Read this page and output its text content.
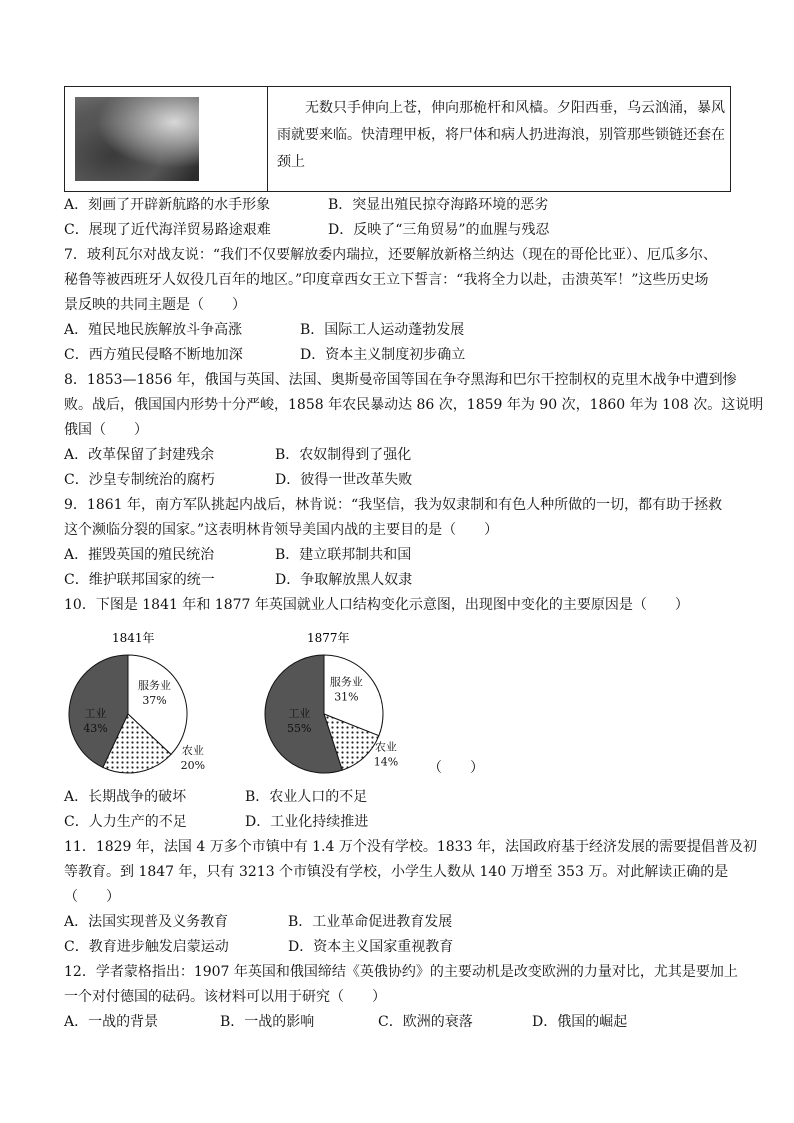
　　无数只手伸向上苍，伸向那桅杆和风樯。夕阳西垂，乌云汹涌，暴风
雨就要来临。快清理甲板，将尸体和病人扔进海浪，别管那些锁链还套在
颈上
A．刻画了开辟新航路的水手形象	B．突显出殖民掠夺海路环境的恶劣
C．展现了近代海洋贸易路途艰难	D．反映了“三角贸易”的血腥与残忍
7．玻利瓦尔对战友说：“我们不仅要解放委内瑞拉，还要解放新格兰纳达（现在的哥伦比亚）、厄瓜多尔、
秘鲁等被西班牙人奴役几百年的地区。”印度章西女王立下誓言：“我将全力以赴，击溃英军！”这些历史场
景反映的共同主题是（　　）
A．殖民地民族解放斗争高涨	B．国际工人运动蓬勃发展
C．西方殖民侵略不断地加深	D．资本主义制度初步确立
8．1853—1856 年，俄国与英国、法国、奥斯曼帝国等国在争夺黑海和巴尔干控制权的克里木战争中遭到惨
败。战后，俄国国内形势十分严峻，1858 年农民暴动达 86 次，1859 年为 90 次，1860 年为 108 次。这说明
俄国（　　）
A．改革保留了封建残余	B．农奴制得到了强化
C．沙皇专制统治的腐朽	D．彼得一世改革失败
9．1861 年，南方军队挑起内战后，林肯说：“我坚信，我为奴隶制和有色人种所做的一切，都有助于拯救
这个濒临分裂的国家。”这表明林肯领导美国内战的主要目的是（　　）
A．摧毁英国的殖民统治	B．建立联邦制共和国
C．维护联邦国家的统一	D．争取解放黑人奴隶
10．下图是 1841 年和 1877 年英国就业人口结构变化示意图，出现图中变化的主要原因是（　　）
1841年	1877年
服务业
37%
农业
20%
工业
43%
服务业
31%
农业
14%
工业
55%
（　　）
A．长期战争的破坏	B．农业人口的不足
C．人力生产的不足	D．工业化持续推进
11．1829 年，法国 4 万多个市镇中有 1.4 万个没有学校。1833 年，法国政府基于经济发展的需要提倡普及初
等教育。到 1847 年，只有 3213 个市镇没有学校，小学生人数从 140 万增至 353 万。对此解读正确的是
（　　）
A．法国实现普及义务教育	B．工业革命促进教育发展
C．教育进步触发启蒙运动	D．资本主义国家重视教育
12．学者蒙格指出：1907 年英国和俄国缔结《英俄协约》的主要动机是改变欧洲的力量对比，尤其是要加上
一个对付德国的砝码。该材料可以用于研究（　　）
A．一战的背景	B．一战的影响	C．欧洲的衰落	D．俄国的崛起
